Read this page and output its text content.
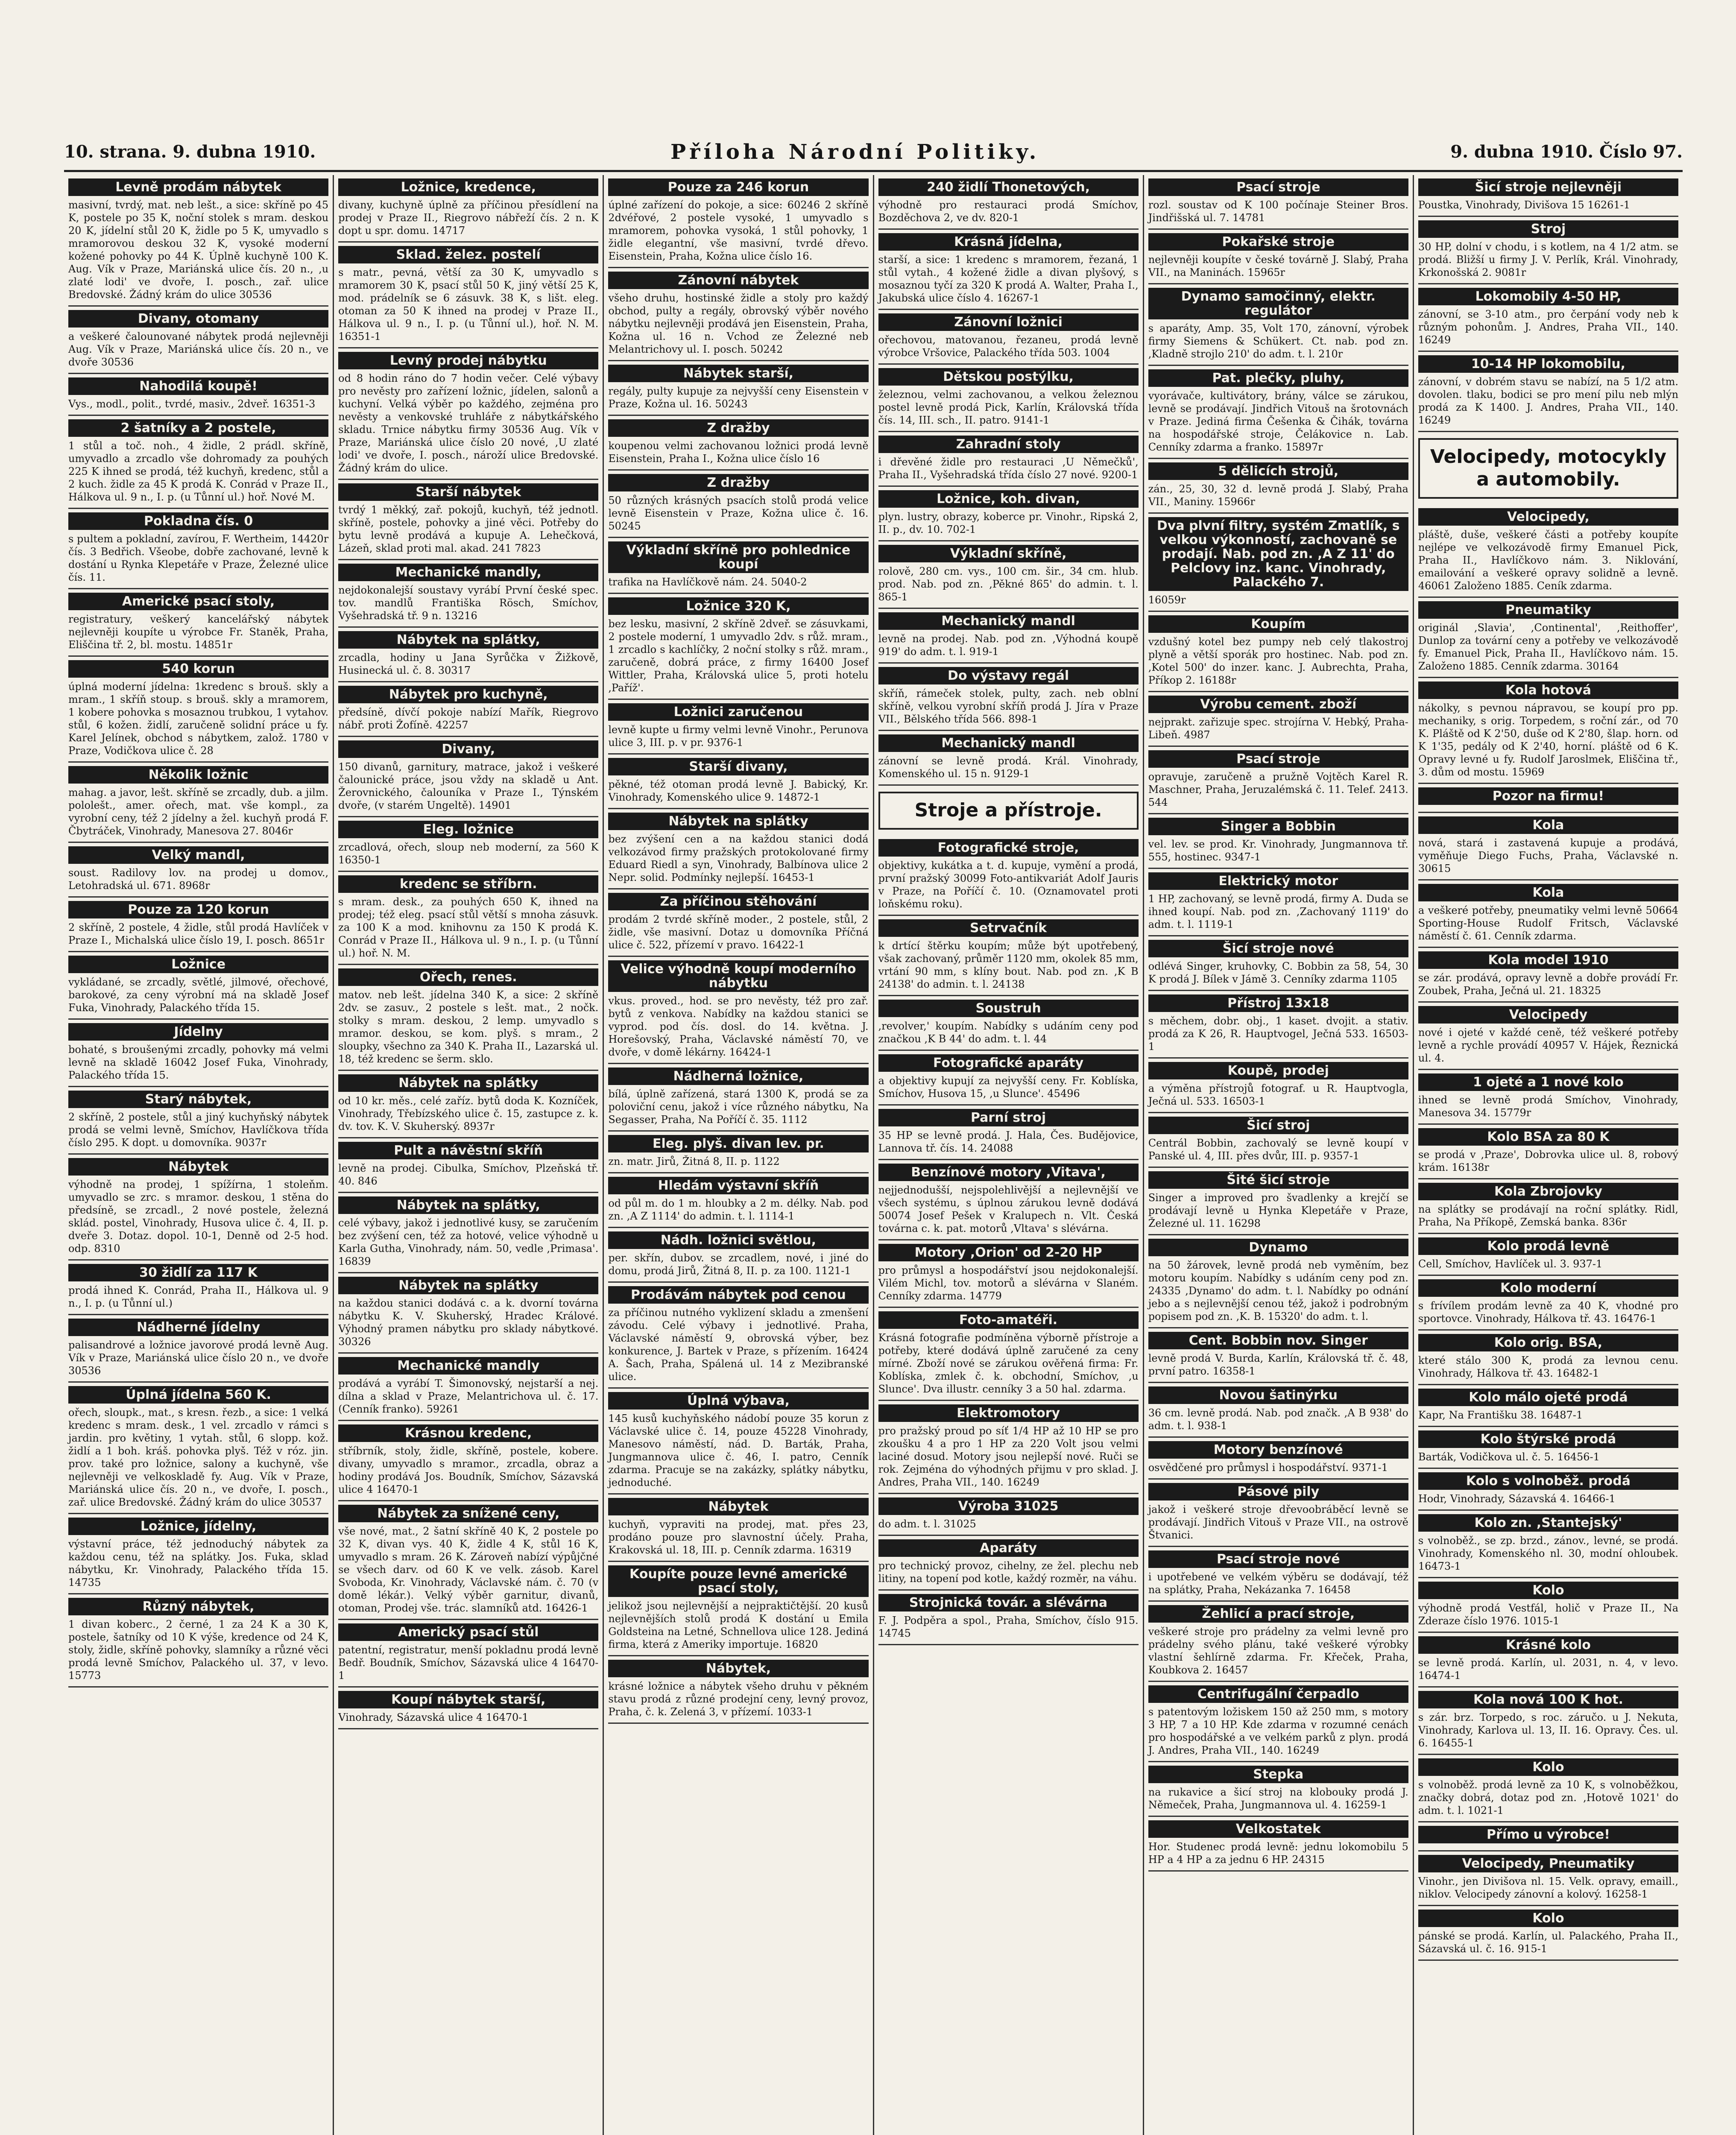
10. strana. 9. dubna 1910.	Příloha Národní Politiky.	9. dubna 1910. Číslo 97.
Levně prodám nábytek

masivní, tvrdý, mat. neb lešt., a sice: skříně po 45 K, postele po 35 K, noční stolek s mram. deskou 20 K, jídelní stůl 20 K, židle po 5 K, umyvadlo s mramorovou deskou 32 K, vysoké moderní kožené pohovky po 44 K. Úplně kuchyně 100 K. Aug. Vík v Praze, Mariánská ulice čís. 20 n., ,u zlaté lodi' ve dvoře, I. posch., zař. ulice Bredovské. Žádný krám do ulice 30536

Divany, otomany

a veškeré čalounované nábytek prodá nejlevněji Aug. Vík v Praze, Mariánská ulice čís. 20 n., ve dvoře 30536

Nahodilá koupě!

Vys., modl., polit., tvrdé, masiv., 2dveř. 16351-3

2 šatníky a 2 postele,

1 stůl a toč. noh., 4 židle, 2 prádl. skříně, umyvadlo a zrcadlo vše dohromady za pouhých 225 K ihned se prodá, též kuchyň, kredenc, stůl a 2 kuch. židle za 45 K prodá K. Conrád v Praze II., Hálkova ul. 9 n., I. p. (u Tůnní ul.) hoř. Nové M.

Pokladna čís. 0

s pultem a pokladní, zavírou, F. Wertheim, 14420r čís. 3 Bedřich. Všeobe, dobře zachované, levně k dostání u Rynka Klepetáře v Praze, Železné ulice čís. 11.

Americké psací stoly,

registratury, veškerý kancelářský nábytek nejlevněji koupíte u výrobce Fr. Staněk, Praha, Eliščina tř. 2, bl. mostu. 14851r

540 korun

úplná moderní jídelna: 1kredenc s brouš. skly a mram., 1 skříň stoup. s brouš. skly a mramorem, 1 kobere pohovka s mosaznou trubkou, 1 vytahov. stůl, 6 kožen. židlí, zaručeně solidní práce u fy. Karel Jelínek, obchod s nábytkem, založ. 1780 v Praze, Vodičkova ulice č. 28

Několik ložnic

mahag. a javor, lešt. skříně se zrcadly, dub. a jilm. pololešt., amer. ořech, mat. vše kompl., za vyrobní ceny, též 2 jídelny a žel. kuchyň prodá F. Čbytráček, Vinohrady, Manesova 27. 8046r

Velký mandl,

soust. Radilovy lov. na prodej u domov., Letohradská ul. 671. 8968r

Pouze za 120 korun

2 skříně, 2 postele, 4 židle, stůl prodá Havlíček v Praze I., Michalská ulice číslo 19, I. posch. 8651r

Ložnice

vykládané, se zrcadly, světlé, jilmové, ořechové, barokové, za ceny výrobní má na skladě Josef Fuka, Vinohrady, Palackého třída 15.

Jídelny

bohaté, s broušenými zrcadly, pohovky má velmi levně na skladě 16042 Josef Fuka, Vinohrady, Palackého třída 15.

Starý nábytek,

2 skříně, 2 postele, stůl a jiný kuchyňský nábytek prodá se velmi levně, Smíchov, Havlíčkova třída číslo 295. K dopt. u domovníka. 9037r

Nábytek

výhodně na prodej, 1 spížírna, 1 stoleňm. umyvadlo se zrc. s mramor. deskou, 1 stěna do předsíně, se zrcadl., 2 nové postele, železná sklád. postel, Vinohrady, Husova ulice č. 4, II. p. dveře 3. Dotaz. dopol. 10-1, Denně od 2-5 hod. odp. 8310

30 židlí za 117 K

prodá ihned K. Conrád, Praha II., Hálkova ul. 9 n., I. p. (u Tůnní ul.)

Nádherné jídelny

palisandrové a ložnice javorové prodá levně Aug. Vík v Praze, Mariánská ulice číslo 20 n., ve dvoře 30536

Úplná jídelna 560 K.

ořech, sloupk., mat., s kresn. řezb., a sice: 1 velká kredenc s mram. desk., 1 vel. zrcadlo v rámci s jardin. pro květiny, 1 vytah. stůl, 6 slopp. kož. židlí a 1 boh. kráš. pohovka plyš. Též v róz. jin. prov. také pro ložnice, salony a kuchyně, vše nejlevněji ve velkoskladě fy. Aug. Vík v Praze, Mariánská ulice čís. 20 n., ve dvoře, I. posch., zař. ulice Bredovské. Žádný krám do ulice 30537

Ložnice, jídelny,

výstavní práce, též jednoduchý nábytek za každou cenu, též na splátky. Jos. Fuka, sklad nábytku, Kr. Vinohrady, Palackého třída 15. 14735

Různý nábytek,

1 divan koberc., 2 černé, 1 za 24 K a 30 K, postele, šatníky od 10 K výše, kredence od 24 K, stoly, židle, skříně pohovky, slamníky a různé věci prodá levně Smíchov, Palackého ul. 37, v levo. 15773

Ložnice, kredence,

divany, kuchyně úplně za příčinou přesídlení na prodej v Praze II., Riegrovo nábřeží čís. 2 n. K dopt u spr. domu. 14717

Sklad. želez. postelí

s matr., pevná, větší za 30 K, umyvadlo s mramorem 30 K, psací stůl 50 K, jiný větší 25 K, mod. prádelník se 6 zásuvk. 38 K, s lišt. eleg. otoman za 50 K ihned na prodej v Praze II., Hálkova ul. 9 n., I. p. (u Tůnní ul.), hoř. N. M. 16351-1

Levný prodej nábytku

od 8 hodin ráno do 7 hodin večer. Celé výbavy pro nevěsty pro zařízení ložnic, jídelen, salonů a kuchyní. Velká výběr po každého, zejména pro nevěsty a venkovské truhláře z nábytkářského skladu. Trnice nábytku firmy 30536 Aug. Vík v Praze, Mariánská ulice číslo 20 nové, ,U zlaté lodi' ve dvoře, I. posch., nároží ulice Bredovské. Žádný krám do ulice.

Starší nábytek

tvrdý 1 měkký, zař. pokojů, kuchyň, též jednotl. skříně, postele, pohovky a jiné věci. Potřeby do bytu levně prodává a kupuje A. Lehečková, Lázeň, sklad proti mal. akad. 241 7823

Mechanické mandly,

nejdokonalejší soustavy vyrábí První české spec. tov. mandlů Františka Rösch, Smíchov, Vyšehradská tř. 9 n. 13216

Nábytek na splátky,

zrcadla, hodiny u Jana Syrůčka v Žižkově, Husinecká ul. č. 8. 30317

Nábytek pro kuchyně,

předsíně, dívčí pokoje nabízí Mařík, Riegrovo nábř. proti Žofíně. 42257

Divany,

150 divanů, garnitury, matrace, jakož i veškeré čalounické práce, jsou vždy na skladě u Ant. Žerovnického, čalouníka v Praze I., Týnském dvoře, (v starém Ungeltě). 14901

Eleg. ložnice

zrcadlová, ořech, sloup neb moderní, za 560 K 16350-1

kredenc se stříbrn.

s mram. desk., za pouhých 650 K, ihned na prodej; též eleg. psací stůl větší s mnoha zásuvk. za 100 K a mod. knihovnu za 150 K prodá K. Conrád v Praze II., Hálkova ul. 9 n., I. p. (u Tůnní ul.) hoř. N. M.

Ořech, renes.

matov. neb lešt. jídelna 340 K, a sice: 2 skříně 2dv. se zasuv., 2 postele s lešt. mat., 2 nočk. stolky s mram. deskou, 2 lemp. umyvadlo s mramor. deskou, se kom. plyš. s mram., 2 sloupky, všechno za 340 K. Praha II., Lazarská ul. 18, též kredenc se šerm. sklo.

Nábytek na splátky

od 10 kr. měs., celé zaříz. bytů doda K. Kozníček, Vinohrady, Třebízského ulice č. 15, zastupce z. k. dv. tov. K. V. Skuherský. 8937r

Pult a návěstní skříň

levně na prodej. Cibulka, Smíchov, Plzeňská tř. 40. 846

Nábytek na splátky,

celé výbavy, jakož i jednotlivé kusy, se zaručením bez zvýšení cen, též za hotové, velice výhodně u Karla Gutha, Vinohrady, nám. 50, vedle ,Primasa'. 16839

Nábytek na splátky

na každou stanici dodává c. a k. dvorní továrna nábytku K. V. Skuherský, Hradec Králové. Výhodný pramen nábytku pro sklady nábytkové. 30326

Mechanické mandly

prodává a vyrábí T. Šimonovský, nejstarší a nej. dílna a sklad v Praze, Melantrichova ul. č. 17. (Cenník franko). 59261

Krásnou kredenc,

stříbrník, stoly, židle, skříně, postele, kobere. divany, umyvadlo s mramor., zrcadla, obraz a hodiny prodává Jos. Boudník, Smíchov, Sázavská ulice 4 16470-1

Nábytek za snížené ceny,

vše nové, mat., 2 šatní skříně 40 K, 2 postele po 32 K, divan vys. 40 K, židle 4 K, stůl 16 K, umyvadlo s mram. 26 K. Zároveň nabízí výpůjčné se všech darv. od 60 K ve velk. zásob. Karel Svoboda, Kr. Vinohrady, Václavské nám. č. 70 (v domě lékár.). Velký výběr garnitur, divanů, otoman, Prodej vše. trác. slamníků atd. 16426-1

Americký psací stůl

patentní, registratur, menší pokladnu prodá levně Bedř. Boudník, Smíchov, Sázavská ulice 4 16470-1

Koupí nábytek starší,

Vinohrady, Sázavská ulice 4 16470-1

Pouze za 246 korun

úplné zařízení do pokoje, a sice: 60246 2 skříně 2dvéřové, 2 postele vysoké, 1 umyvadlo s mramorem, pohovka vysoká, 1 stůl pohovky, 1 židle elegantní, vše masivní, tvrdé dřevo. Eisenstein, Praha, Kožna ulice číslo 16.

Zánovní nábytek

všeho druhu, hostinské židle a stoly pro každý obchod, pulty a regály, obrovský výběr nového nábytku nejlevněji prodává jen Eisenstein, Praha, Kožna ul. 16 n. Vchod ze Železné neb Melantrichovy ul. I. posch. 50242

Nábytek starší,

regály, pulty kupuje za nejvyšší ceny Eisenstein v Praze, Kožna ul. 16. 50243

Z dražby

koupenou velmi zachovanou ložnici prodá levně Eisenstein, Praha I., Kožna ulice číslo 16

Z dražby

50 různých krásných psacích stolů prodá velice levně Eisenstein v Praze, Kožna ulice č. 16. 50245

Výkladní skříně pro pohlednice koupí

trafika na Havlíčkově nám. 24. 5040-2

Ložnice 320 K,

bez lesku, masivní, 2 skříně 2dveř. se zásuvkami, 2 postele moderní, 1 umyvadlo 2dv. s růž. mram., 1 zrcadlo s kachlíčky, 2 noční stolky s růž. mram., zaručeně, dobrá práce, z firmy 16400 Josef Wittler, Praha, Královská ulice 5, proti hotelu ,Paříž'.

Ložnici zaručenou

levně kupte u firmy velmi levně Vinohr., Perunova ulice 3, III. p. v pr. 9376-1

Starší divany,

pěkné, též otoman prodá levně J. Babický, Kr. Vinohrady, Komenského ulice 9. 14872-1

Nábytek na splátky

bez zvýšení cen a na každou stanici dodá velkozávod firmy pražských protokolované firmy Eduard Riedl a syn, Vinohrady, Balbínova ulice 2 Nepr. solid. Podmínky nejlepší. 16453-1

Za příčinou stěhování

prodám 2 tvrdé skříně moder., 2 postele, stůl, 2 židle, vše masivní. Dotaz u domovníka Příčná ulice č. 522, přízemí v pravo. 16422-1

Velice výhodně koupí moderního nábytku

vkus. proved., hod. se pro nevěsty, též pro zař. bytů z venkova. Nabídky na každou stanici se vyprod. pod čís. dosl. do 14. května. J. Horešovský, Praha, Václavské náměstí 70, ve dvoře, v domě lékárny. 16424-1

Nádherná ložnice,

bílá, úplně zařízená, stará 1300 K, prodá se za poloviční cenu, jakož i více různého nábytku, Na Segasser, Praha, Na Poříčí č. 35. 1112

Eleg. plyš. divan lev. pr.

zn. matr. Jirů, Žitná 8, II. p. 1122

Hledám výstavní skříň

od půl m. do 1 m. hloubky a 2 m. délky. Nab. pod zn. ,A Z 1114' do admin. t. l. 1114-1

Nádh. ložnici světlou,

per. skřín, dubov. se zrcadlem, nové, i jiné do domu, prodá Jirů, Žitná 8, II. p. za 100. 1121-1

Prodávám nábytek pod cenou

za příčinou nutného vyklizení skladu a zmenšení závodu. Celé výbavy i jednotlivé. Praha, Václavské náměstí 9, obrovská výber, bez konkurence, J. Bartek v Praze, s přízením. 16424 A. Šach, Praha, Spálená ul. 14 z Mezibranské ulice.

Úplná výbava,

145 kusů kuchyňského nádobí pouze 35 korun z Václavské ulice č. 14, pouze 45228 Vinohrady, Manesovo náměstí, nád. D. Barták, Praha, Jungmannova ulice č. 46, I. patro, Cenník zdarma. Pracuje se na zakázky, splátky nábytku, jednoduché.

Nábytek

kuchyň, vypraviti na prodej, mat. přes 23, prodáno pouze pro slavnostní účely. Praha, Krakovská ul. 18, III. p. Cenník zdarma. 16319

Koupíte pouze levné americké psací stoly,

jelikož jsou nejlevnější a nejpraktičtější. 20 kusů nejlevnějších stolů prodá K dostání u Emila Goldsteina na Letné, Schnellova ulice 128. Jediná firma, která z Ameriky importuje. 16820

Nábytek,

krásné ložnice a nábytek všeho druhu v pěkném stavu prodá z různé prodejní ceny, levný provoz, Praha, č. k. Zelená 3, v přízemí. 1033-1

240 židlí Thonetových,

výhodně pro restauraci prodá Smíchov, Bozděchova 2, ve dv. 820-1

Krásná jídelna,

starší, a sice: 1 kredenc s mramorem, řezaná, 1 stůl vytah., 4 kožené židle a divan plyšový, s mosaznou tyčí za 320 K prodá A. Walter, Praha I., Jakubská ulice číslo 4. 16267-1

Zánovní ložnici

ořechovou, matovanou, řezaneu, prodá levně výrobce Vršovice, Palackého třída 503. 1004

Dětskou postýlku,

železnou, velmi zachovanou, a velkou železnou postel levně prodá Pick, Karlín, Královská třída čís. 14, III. sch., II. patro. 9141-1

Zahradní stoly

i dřevěné židle pro restauraci ,U Němečků', Praha II., Vyšehradská třída číslo 27 nové. 9200-1

Ložnice, koh. divan,

plyn. lustry, obrazy, koberce pr. Vinohr., Ripská 2, II. p., dv. 10. 702-1

Výkladní skříně,

rolově, 280 cm. vys., 100 cm. šir., 34 cm. hlub. prod. Nab. pod zn. ,Pěkné 865' do admin. t. l. 865-1

Mechanický mandl

levně na prodej. Nab. pod zn. ,Výhodná koupě 919' do adm. t. l. 919-1

Do výstavy regál

skříň, rámeček stolek, pulty, zach. neb oblní skříně, velkou vyrobní skříň prodá J. Jíra v Praze VII., Bělského třída 566. 898-1

Mechanický mandl

zánovní se levně prodá. Král. Vinohrady, Komenského ul. 15 n. 9129-1

Stroje a přístroje.
Fotografické stroje,

objektivy, kukátka a t. d. kupuje, vymění a prodá, první pražský 30099 Foto-antikvariát Adolf Jauris v Praze, na Poříčí č. 10. (Oznamovatel proti loňskému roku).

Setrvačník

k drtící štěrku koupím; může být upotřebený, však zachovaný, průměr 1120 mm, okolek 85 mm, vrtání 90 mm, s klíny bout. Nab. pod zn. ,K B 24138' do admin. t. l. 24138

Soustruh

,revolver,' koupím. Nabídky s udáním ceny pod značkou ,K B 44' do adm. t. l. 44

Fotografické aparáty

a objektivy kupují za nejvyšší ceny. Fr. Koblíska, Smíchov, Husova 15, ,u Slunce'. 45496

Parní stroj

35 HP se levně prodá. J. Hala, Čes. Budějovice, Lannova tř. čís. 14. 24088

Benzínové motory ,Vitava',

nejjednodušší, nejspolehlivější a nejlevnější ve všech systému, s úplnou zárukou levně dodává 50074 Josef Pešek v Kralupech n. Vlt. Česká továrna c. k. pat. motorů ,Vltava' s slévárna.

Motory ,Orion' od 2-20 HP

pro průmysl a hospodářství jsou nejdokonalejší. Vilém Michl, tov. motorů a slévárna v Slaném. Cenníky zdarma. 14779

Foto-amatéři.

Krásná fotografie podmíněna výborně přístroje a potřeby, které dodává úplně zaručené za ceny mírné. Zboží nové se zárukou ověřená firma: Fr. Koblíska, zmlek č. k. obchodní, Smíchov, ,u Slunce'. Dva illustr. cenníky 3 a 50 hal. zdarma.

Elektromotory

pro pražský proud po síť 1/4 HP až 10 HP se pro zkoušku 4 a pro 1 HP za 220 Volt jsou velmi laciné dosud. Motory jsou nejlepší nové. Ruči se rok. Zejména do výhodných přijmu v pro sklad. J. Andres, Praha VII., 140. 16249

Výroba 31025

do adm. t. l. 31025

Aparáty

pro technický provoz, cihelny, ze žel. plechu neb litiny, na topení pod kotle, každý rozměr, na váhu.

Strojnická továr. a slévárna

F. J. Podpěra a spol., Praha, Smíchov, číslo 915. 14745

Psací stroje

rozl. soustav od K 100 počínaje Steiner Bros. Jindřišská ul. 7. 14781

Pokařské stroje

nejlevněji koupíte v české továrně J. Slabý, Praha VII., na Maninách. 15965r

Dynamo samočinný, elektr. regulátor

s aparáty, Amp. 35, Volt 170, zánovní, výrobek firmy Siemens & Schükert. Ct. nab. pod zn. ,Kladně strojlo 210' do adm. t. l. 210r

Pat. plečky, pluhy,

vyorávače, kultivátory, brány, válce se zárukou, levně se prodávají. Jindřich Vitouš na šrotovnách v Praze. Jediná firma Češenka & Čihák, továrna na hospodářské stroje, Čelákovice n. Lab. Cenníky zdarma a franko. 15897r

5 dělicích strojů,

zán., 25, 30, 32 d. levně prodá J. Slabý, Praha VII., Maniny. 15966r

Dva plvní filtry, systém Zmatlík, s velkou výkonností, zachovaně se prodají. Nab. pod zn. ,A Z 11' do Pelclovy inz. kanc. Vinohrady, Palackého 7.

16059r

Koupím

vzdušný kotel bez pumpy neb celý tlakostroj plyně a větší sporák pro hostinec. Nab. pod zn. ,Kotel 500' do inzer. kanc. J. Aubrechta, Praha, Příkop 2. 16188r

Výrobu cement. zboží

nejprakt. zařizuje spec. strojírna V. Hebký, Praha-Libeň. 4987

Psací stroje

opravuje, zaručeně a pružně Vojtěch Karel R. Maschner, Praha, Jeruzalémská č. 11. Telef. 2413. 544

Singer a Bobbin

vel. lev. se prod. Kr. Vinohrady, Jungmannova tř. 555, hostinec. 9347-1

Elektrický motor

1 HP, zachovaný, se levně prodá, firmy A. Duda se ihned koupí. Nab. pod zn. ,Zachovaný 1119' do adm. t. l. 1119-1

Šicí stroje nové

odlévá Singer, kruhovky, C. Bobbin za 58, 54, 30 K prodá J. Bílek v Jámě 3. Cenníky zdarma 1105

Přístroj 13x18

s měchem, dobr. obj., 1 kaset. dvojit. a stativ. prodá za K 26, R. Hauptvogel, Ječná 533. 16503-1

Koupě, prodej

a výměna přístrojů fotograf. u R. Hauptvogla, Ječná ul. 533. 16503-1

Šicí stroj

Centrál Bobbin, zachovalý se levně koupí v Panské ul. 4, III. přes dvůr, III. p. 9357-1

Šité šicí stroje

Singer a improved pro švadlenky a krejčí se prodávají levně u Hynka Klepetáře v Praze, Železné ul. 11. 16298

Dynamo

na 50 žárovek, levně prodá neb vyměním, bez motoru koupím. Nabídky s udáním ceny pod zn. 24335 ,Dynamo' do adm. t. l. Nabídky po odnání jebo a s nejlevnější cenou též, jakož i podrobným popisem pod zn. ,K. B. 15320' do adm. t. l.

Cent. Bobbin nov. Singer

levně prodá V. Burda, Karlín, Královská tř. č. 48, první patro. 16358-1

Novou šatinýrku

36 cm. levně prodá. Nab. pod značk. ,A B 938' do adm. t. l. 938-1

Motory benzínové

osvědčené pro průmysl i hospodářství. 9371-1

Pásové pily

jakož i veškeré stroje dřevoobráběcí levně se prodávají. Jindřich Vitouš v Praze VII., na ostrově Štvanici.

Psací stroje nové

i upotřebené ve velkém výběru se dodávají, též na splátky, Praha, Nekázanka 7. 16458

Žehlicí a prací stroje,

veškeré stroje pro prádelny za velmi levně pro prádelny svého plánu, také veškeré výrobky vlastní šehlírně zdarma. Fr. Křeček, Praha, Koubkova 2. 16457

Centrifugální čerpadlo

s patentovým ložiskem 150 až 250 mm, s motory 3 HP, 7 a 10 HP. Kde zdarma v rozumné cenách pro hospodářské a ve velkém parků z plyn. prodá J. Andres, Praha VII., 140. 16249

Stepka

na rukavice a šicí stroj na klobouky prodá J. Němeček, Praha, Jungmannova ul. 4. 16259-1

Velkostatek

Hor. Studenec prodá levně: jednu lokomobilu 5 HP a 4 HP a za jednu 6 HP. 24315

Šicí stroje nejlevněji

Poustka, Vinohrady, Divišova 15 16261-1

Stroj

30 HP, dolní v chodu, i s kotlem, na 4 1/2 atm. se prodá. Bližší u firmy J. V. Perlík, Král. Vinohrady, Krkonošská 2. 9081r

Lokomobily 4-50 HP,

zánovní, se 3-10 atm., pro čerpání vody neb k různým pohonům. J. Andres, Praha VII., 140. 16249

10-14 HP lokomobilu,

zánovní, v dobrém stavu se nabízí, na 5 1/2 atm. dovolen. tlaku, bodici se pro mení pilu neb mlýn prodá za K 1400. J. Andres, Praha VII., 140. 16249

Velocipedy, motocykly a automobily.
Velocipedy,

pláště, duše, veškeré části a potřeby koupíte nejlépe ve velkozávodě firmy Emanuel Pick, Praha II., Havlíčkovo nám. 3. Niklování, emailování a veškeré opravy solidně a levně. 46061 Založeno 1885. Ceník zdarma.

Pneumatiky

originál ,Slavia', ,Continental', ,Reithoffer', Dunlop za tovární ceny a potřeby ve velkozávodě fy. Emanuel Pick, Praha II., Havlíčkovo nám. 15. Založeno 1885. Cenník zdarma. 30164

Kola hotová

nákolky, s pevnou nápravou, se koupí pro pp. mechaniky, s orig. Torpedem, s roční zár., od 70 K. Pláště od K 2'50, duše od K 2'80, šlap. horn. od K 1'35, pedály od K 2'40, horní. pláště od 6 K. Opravy levné u fy. Rudolf Jaroslmek, Eliščina tř., 3. dům od mostu. 15969

Pozor na firmu!
Kola

nová, stará i zastavená kupuje a prodává, vyměňuje Diego Fuchs, Praha, Václavské n. 30615

Kola

a veškeré potřeby, pneumatiky velmi levně 50664 Sporting-House Rudolf Fritsch, Václavské náměstí č. 61. Cenník zdarma.

Kola model 1910

se zár. prodává, opravy levně a dobře provádí Fr. Zoubek, Praha, Ječná ul. 21. 18325

Velocipedy

nové i ojeté v každé ceně, též veškeré potřeby levně a rychle provádí 40957 V. Hájek, Řeznická ul. 4.

1 ojeté a 1 nové kolo

ihned se levně prodá Smíchov, Vinohrady, Manesova 34. 15779r

Kolo BSA za 80 K

se prodá v ,Praze', Dobrovka ulice ul. 8, robový krám. 16138r

Kola Zbrojovky

na splátky se prodávají na roční splátky. Ridl, Praha, Na Příkopě, Zemská banka. 836r

Kolo prodá levně

Cell, Smíchov, Havlíček ul. 3. 937-1

Kolo moderní

s frívílem prodám levně za 40 K, vhodné pro sportovce. Vinohrady, Hálkova tř. 43. 16476-1

Kolo orig. BSA,

které stálo 300 K, prodá za levnou cenu. Vinohrady, Hálkova tř. 43. 16482-1

Kolo málo ojeté prodá

Kapr, Na Františku 38. 16487-1

Kolo štýrské prodá

Barták, Vodičkova ul. č. 5. 16456-1

Kolo s volnoběž. prodá

Hodr, Vinohrady, Sázavská 4. 16466-1

Kolo zn. ,Stantejský'

s volnoběž., se zp. brzd., zánov., levné, se prodá. Vinohrady, Komenského nl. 30, modní ohloubek. 16473-1

Kolo

výhodně prodá Vestfál, holič v Praze II., Na Zderaze číslo 1976. 1015-1

Krásné kolo

se levně prodá. Karlín, ul. 2031, n. 4, v levo. 16474-1

Kola nová 100 K hot.

s zár. brz. Torpedo, s roc. záručo. u J. Nekuta, Vinohrady, Karlova ul. 13, II. 16. Opravy. Čes. ul. 6. 16455-1

Kolo

s volnoběž. prodá levně za 10 K, s volnoběžkou, značky dobrá, dotaz pod zn. ,Hotově 1021' do adm. t. l. 1021-1

Přímo u výrobce!
Velocipedy, Pneumatiky

Vinohr., jen Divišova nl. 15. Velk. opravy, emaill., niklov. Velocipedy zánovní a kolový. 16258-1

Kolo

pánské se prodá. Karlín, ul. Palackého, Praha II., Sázavská ul. č. 16. 915-1
